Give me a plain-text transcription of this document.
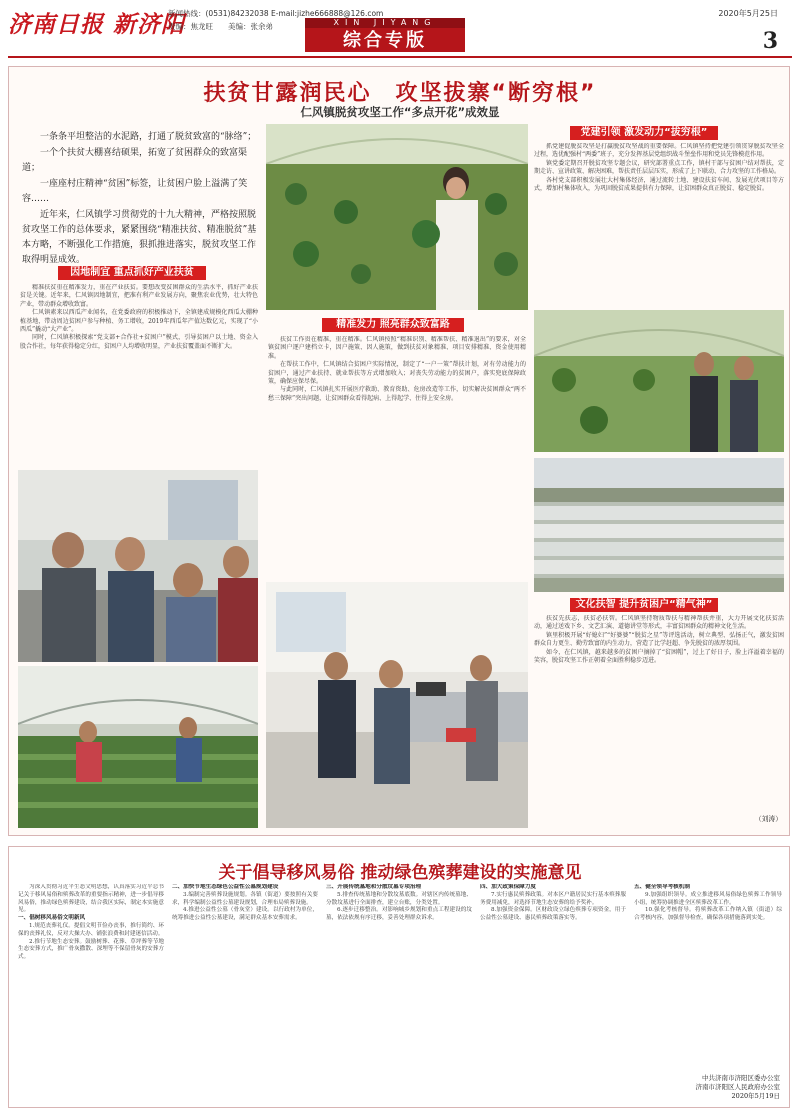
济南日报 新济阳
新闻热线：(0531)84232038 E-mail:jizhe666888@126.com
责编：焦龙旺　　美编：张余弟	XIN JIYANG
综合专版
2020年5月25日
3
扶贫甘露润民心　攻坚拔寨“断穷根”
仁风镇脱贫攻坚工作“多点开花”成效显

一条条平坦整洁的水泥路，打通了脱贫致富的“脉络”；

一个个扶贫大棚喜结硕果，拓宽了贫困群众的致富渠道；

一座座村庄精神“贫困”标签，让贫困户脸上溢满了笑容……

近年来，仁风镇学习贯彻党的十九大精神，严格按照脱贫攻坚工作的总体要求，紧紧围绕“精准扶贫、精准脱贫”基本方略，不断强化工作措施，狠抓推进落实，脱贫攻坚工作取得明显成效。

因地制宜 重点抓好产业扶贫

精准扶贫重在精准发力，重在产业扶贫。要想改变贫困群众的生活水平，抓好产业扶贫是关键。近年来，仁风镇因地制宜，把准有利产业发展方向，聚焦农业优势，壮大特色产业，带动群众增收致富。

仁风镇素来以西瓜产业闻名，在党委政府的积极推动下，全镇建成规模化西瓜大棚种植基地，带动周边贫困户参与种植、务工增收，2019年西瓜年产值达数亿元，实现了“小西瓜”撬动“大产业”。

同时，仁风镇积极探索“党支部+合作社+贫困户”模式，引导贫困户以土地、资金入股合作社，每年获得稳定分红，贫困户人均增收明显，产业扶贫覆盖面不断扩大。

精准发力 照亮群众致富路

扶贫工作贵在精准，重在精准。仁风镇按照“精准识别、精准帮扶、精准退出”的要求，对全镇贫困户逐户建档立卡，因户施策、因人施策，做到扶贫对象精准、项目安排精准、资金使用精准。

在帮扶工作中，仁风镇结合贫困户实际情况，制定了“一户一策”帮扶计划，对有劳动能力的贫困户，通过产业扶持、就业帮扶等方式增加收入；对丧失劳动能力的贫困户，落实兜底保障政策，确保应保尽保。

与此同时，仁风镇扎实开展医疗救助、教育资助、危房改造等工作，切实解决贫困群众“两不愁三保障”突出问题，让贫困群众看得起病、上得起学、住得上安全房。

党建引领 激发动力“拔穷根”

抓党建促脱贫攻坚是打赢脱贫攻坚战的重要保障。仁风镇坚持把党建引领贯穿脱贫攻坚全过程，选优配强村“两委”班子，充分发挥基层党组织战斗堡垒作用和党员先锋模范作用。

镇党委定期召开脱贫攻坚专题会议，研究部署重点工作，镇村干部与贫困户结对帮扶，定期走访、宣讲政策、解决困难，帮扶责任层层压实，形成了上下联动、合力攻坚的工作格局。

各村党支部积极发展壮大村集体经济，通过流转土地、建设扶贫车间、发展光伏项目等方式，增加村集体收入，为巩固脱贫成果提供有力保障，让贫困群众真正脱贫、稳定脱贫。

文化扶智 提升贫困户“精气神”

扶贫先扶志，扶贫必扶智。仁风镇坚持物质帮扶与精神帮扶并重，大力开展文化扶贫活动，通过送戏下乡、文艺汇演、道德讲堂等形式，丰富贫困群众的精神文化生活。

镇里积极开展“好媳妇”“好婆婆”“脱贫之星”等评选活动，树立典型、弘扬正气，激发贫困群众自力更生、勤劳致富的内生动力，营造了比学赶超、争先脱贫的浓厚氛围。

如今，在仁风镇，越来越多的贫困户摘掉了“贫困帽”，过上了好日子，脸上洋溢着幸福的笑容，脱贫攻坚工作正朝着全面胜利稳步迈进。

（刘涛）
关于倡导移风易俗 推动绿色殡葬建设的实施意见

为深入贯彻习近平生态文明思想，认真落实习近平总书记关于移风易俗和殡葬改革的重要指示精神，进一步倡导移风易俗，推动绿色殡葬建设，结合我区实际，制定本实施意见。

一、倡树移风易俗文明新风

1.规范丧葬礼仪。提倡文明节俭办丧事，推行简约、环保的丧葬礼仪，反对大操大办、铺张浪费和封建迷信活动。

2.推行节地生态安葬。鼓励树葬、花葬、草坪葬等节地生态安葬方式，推广骨灰撒散、深埋等不保留骨灰的安葬方式。

二、加快节地生态绿色公益性公墓规划建设

3.编制完善殡葬设施规划。各镇（街道）要按照有关要求，科学编制公益性公墓建设规划，合理布局殡葬设施。

4.推进公益性公墓（骨灰堂）建设。以行政村为单位，统筹推进公益性公墓建设，满足群众基本安葬需求。

三、开展传统墓地和分散坟墓专项治理

5.排查传统墓地和分散坟墓底数。对辖区内传统墓地、分散坟墓进行全面排查，建立台账，分类处置。

6.逐步迁移整治。对影响城乡规划和重点工程建设的坟墓，依法依规有序迁移，妥善处理群众诉求。

四、加大政策保障力度

7.实行惠民殡葬政策。对本区户籍居民实行基本殡葬服务费用减免，对选择节地生态安葬的给予奖补。

8.加强资金保障。区财政设立绿色殡葬专项资金，用于公益性公墓建设、惠民殡葬政策落实等。

五、健全领导考核机制

9.加强组织领导。成立推进移风易俗绿色殡葬工作领导小组，统筹协调推进全区殡葬改革工作。

10.强化考核督导。将殡葬改革工作纳入镇（街道）综合考核内容，加强督导检查，确保各项措施落到实处。

中共济南市济阳区委办公室
济南市济阳区人民政府办公室
2020年5月19日
